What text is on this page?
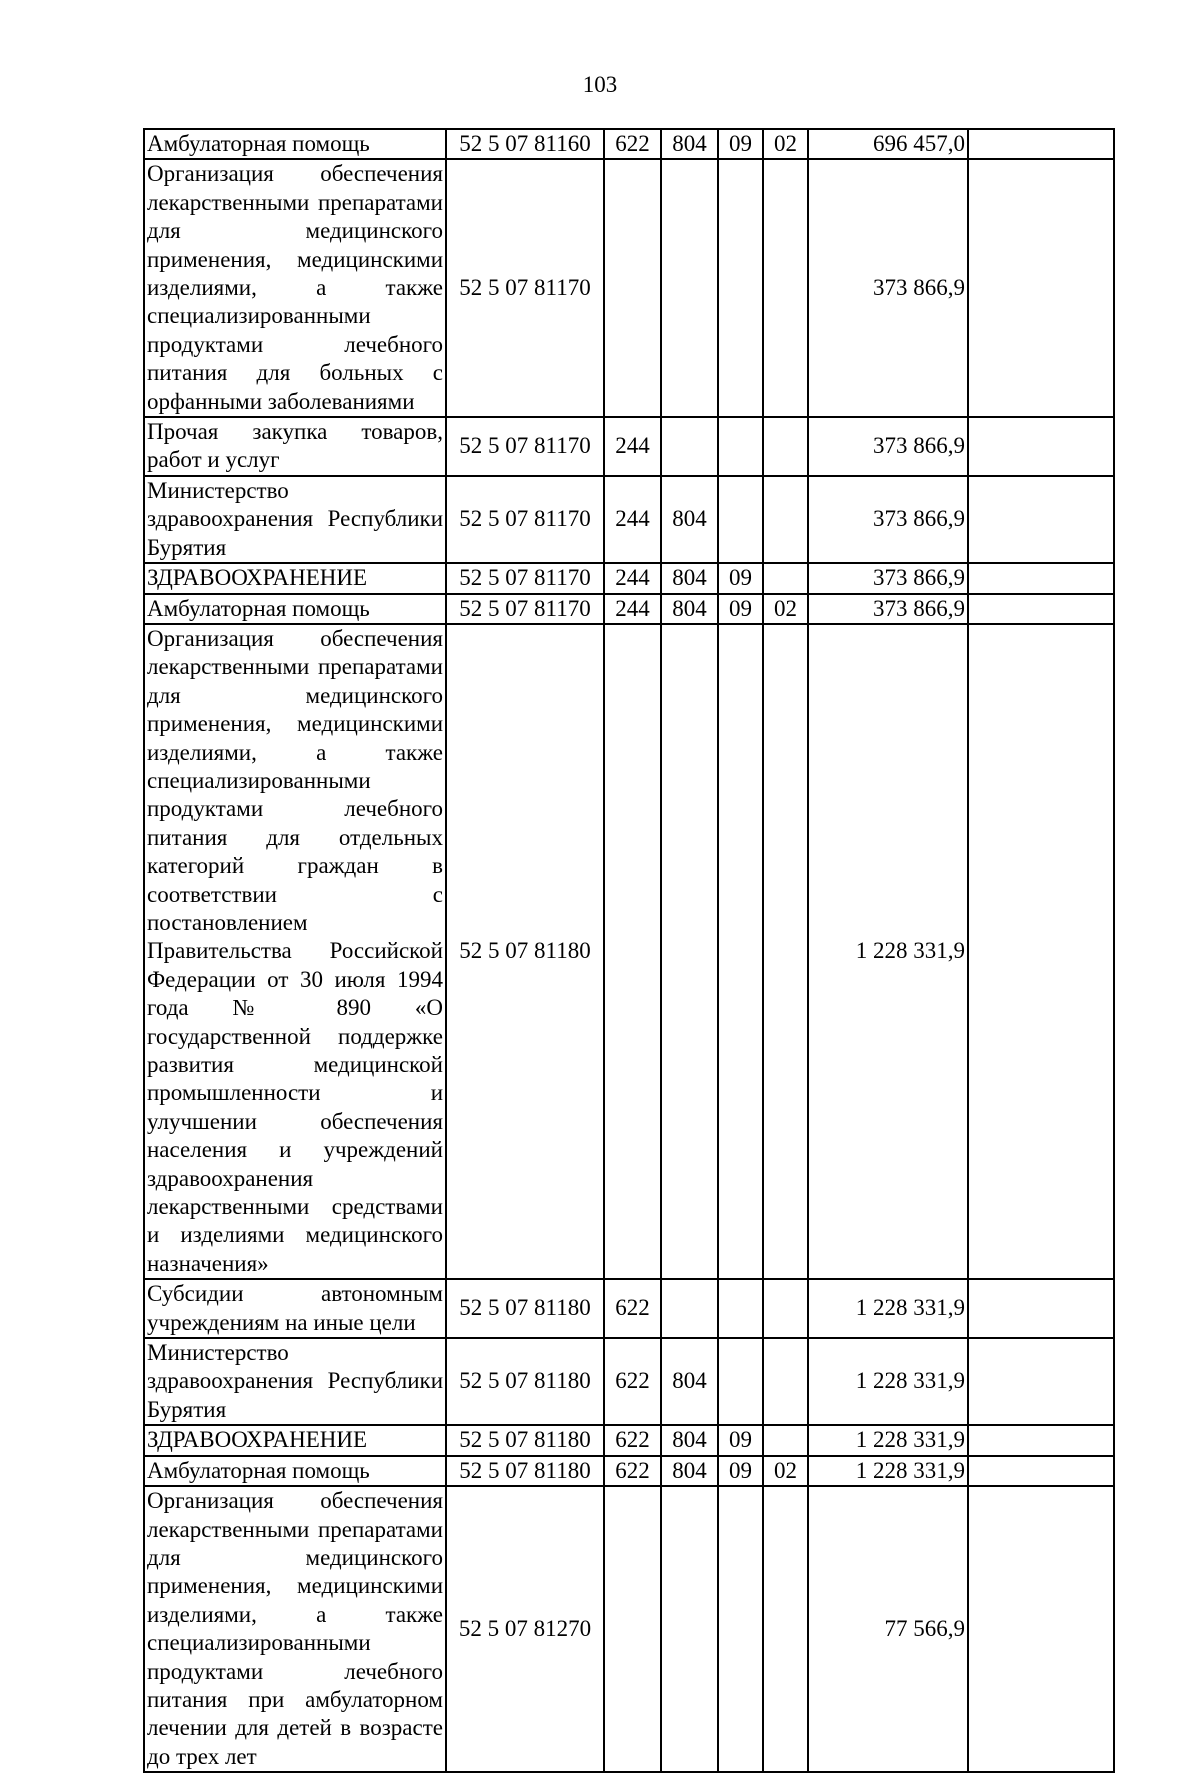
103
Амбулаторная помощь	52 5 07 81160	622	804	09	02	696 457,0	
Организация обеспечения лекарственными препаратами для медицинского применения, медицинскими изделиями, а также специализированными продуктами лечебного питания для больных с орфанными заболеваниями	52 5 07 81170					373 866,9	
Прочая закупка товаров, работ и услуг	52 5 07 81170	244				373 866,9	
Министерство здравоохранения Республики Бурятия	52 5 07 81170	244	804			373 866,9	
ЗДРАВООХРАНЕНИЕ	52 5 07 81170	244	804	09		373 866,9	
Амбулаторная помощь	52 5 07 81170	244	804	09	02	373 866,9	
Организация обеспечения лекарственными препаратами для медицинского применения, медицинскими изделиями, а также специализированными продуктами лечебного питания для отдельных категорий граждан в соответствии с постановлением Правительства Российской Федерации от 30 июля 1994 года № 890 «О государственной поддержке развития медицинской промышленности и улучшении обеспечения населения и учреждений здравоохранения лекарственными средствами и изделиями медицинского назначения»	52 5 07 81180					1 228 331,9	
Субсидии автономным учреждениям на иные цели	52 5 07 81180	622				1 228 331,9	
Министерство здравоохранения Республики Бурятия	52 5 07 81180	622	804			1 228 331,9	
ЗДРАВООХРАНЕНИЕ	52 5 07 81180	622	804	09		1 228 331,9	
Амбулаторная помощь	52 5 07 81180	622	804	09	02	1 228 331,9	
Организация обеспечения лекарственными препаратами для медицинского применения, медицинскими изделиями, а также специализированными продуктами лечебного питания при амбулаторном лечении для детей в возрасте до трех лет	52 5 07 81270					77 566,9	
